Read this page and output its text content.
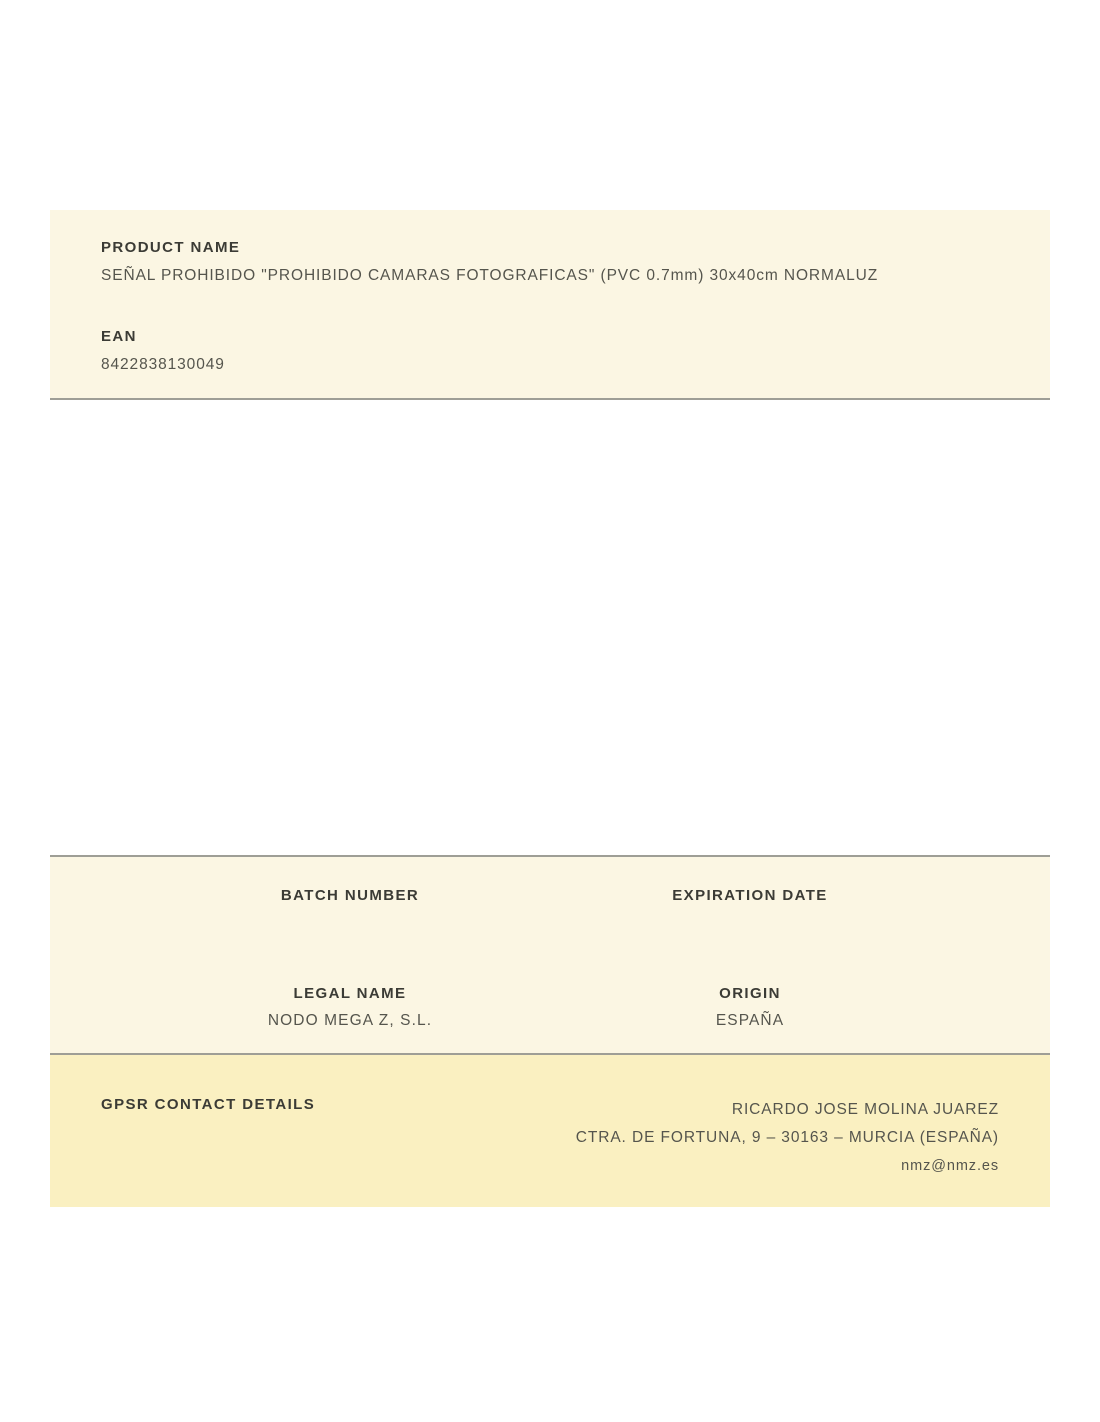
PRODUCT NAME
SEÑAL PROHIBIDO "PROHIBIDO CAMARAS FOTOGRAFICAS" (PVC 0.7mm) 30x40cm NORMALUZ
EAN
8422838130049
BATCH NUMBER	EXPIRATION DATE
LEGAL NAME
NODO MEGA Z, S.L.
ORIGIN
ESPAÑA
GPSR CONTACT DETAILS	RICARDO JOSE MOLINA JUAREZ
CTRA. DE FORTUNA, 9 – 30163 – MURCIA (ESPAÑA)
nmz@nmz.es
